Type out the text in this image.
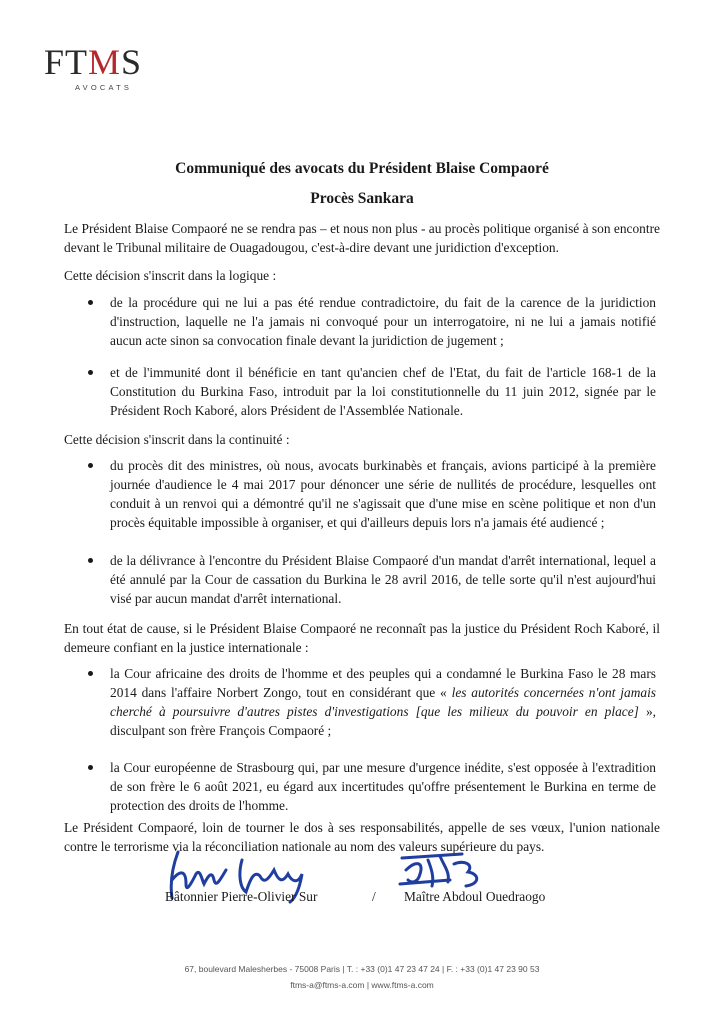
FTMS
AVOCATS
Communiqué des avocats du Président Blaise Compaoré
Procès Sankara

Le Président Blaise Compaoré ne se rendra pas – et nous non plus - au procès politique organisé à son encontre devant le Tribunal militaire de Ouagadougou, c'est-à-dire devant une juridiction d'exception.

Cette décision s'inscrit dans la logique :

de la procédure qui ne lui a pas été rendue contradictoire, du fait de la carence de la juridiction d'instruction, laquelle ne l'a jamais ni convoqué pour un interrogatoire, ni ne lui a jamais notifié aucun acte sinon sa convocation finale devant la juridiction de jugement ;
et de l'immunité dont il bénéficie en tant qu'ancien chef de l'Etat, du fait de l'article 168-1 de la Constitution du Burkina Faso, introduit par la loi constitutionnelle du 11 juin 2012, signée par le Président Roch Kaboré, alors Président de l'Assemblée Nationale.

Cette décision s'inscrit dans la continuité :

du procès dit des ministres, où nous, avocats burkinabès et français, avions participé à la première journée d'audience le 4 mai 2017 pour dénoncer une série de nullités de procédure, lesquelles ont conduit à un renvoi qui a démontré qu'il ne s'agissait que d'une mise en scène politique et non d'un procès équitable impossible à organiser, et qui d'ailleurs depuis lors n'a jamais été audiencé ;
de la délivrance à l'encontre du Président Blaise Compaoré d'un mandat d'arrêt international, lequel a été annulé par la Cour de cassation du Burkina le 28 avril 2016, de telle sorte qu'il n'est aujourd'hui visé par aucun mandat d'arrêt international.

En tout état de cause, si le Président Blaise Compaoré ne reconnaît pas la justice du Président Roch Kaboré, il demeure confiant en la justice internationale :

la Cour africaine des droits de l'homme et des peuples qui a condamné le Burkina Faso le 28 mars 2014 dans l'affaire Norbert Zongo, tout en considérant que « les autorités concernées n'ont jamais cherché à poursuivre d'autres pistes d'investigations [que les milieux du pouvoir en place] », disculpant son frère François Compaoré ;
la Cour européenne de Strasbourg qui, par une mesure d'urgence inédite, s'est opposée à l'extradition de son frère le 6 août 2021, eu égard aux incertitudes qu'offre présentement le Burkina en terme de protection des droits de l'homme.

Le Président Compaoré, loin de tourner le dos à ses responsabilités, appelle de ses vœux, l'union nationale contre le terrorisme via la réconciliation nationale au nom des valeurs supérieure du pays.

Bâtonnier Pierre-Olivier Sur	/ Maître Abdoul Ouedraogo
67, boulevard Malesherbes - 75008 Paris | T. : +33 (0)1 47 23 47 24 | F. : +33 (0)1 47 23 90 53
ftms-a@ftms-a.com | www.ftms-a.com
